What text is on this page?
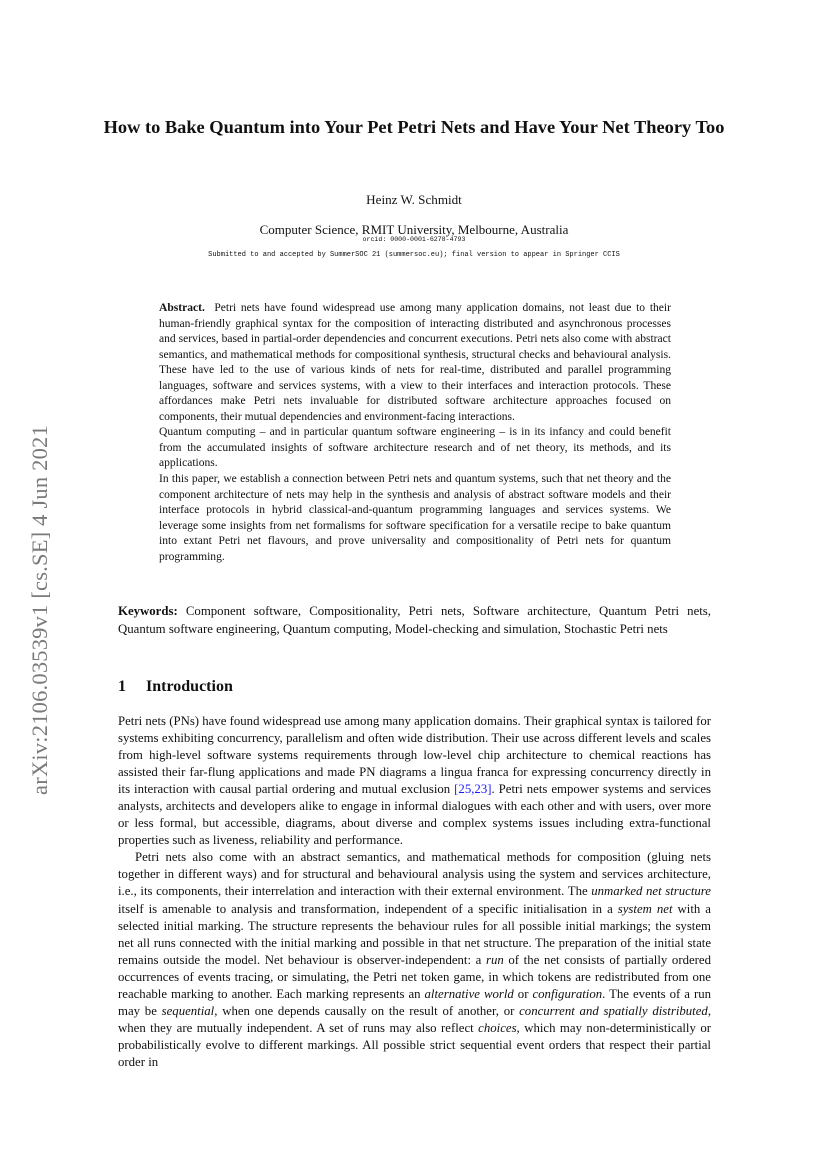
arXiv:2106.03539v1 [cs.SE] 4 Jun 2021
How to Bake Quantum into Your Pet Petri Nets and Have Your Net Theory Too
Heinz W. Schmidt
Computer Science, RMIT University, Melbourne, Australia
orcid: 0000-0001-6278-4793
Submitted to and accepted by SummerSOC 21 (summersoc.eu); final version to appear in Springer CCIS

Abstract. Petri nets have found widespread use among many application domains, not least due to their human-friendly graphical syntax for the composition of interacting distributed and asynchronous processes and services, based in partial-order dependencies and concurrent executions. Petri nets also come with abstract semantics, and mathematical methods for compositional synthesis, structural checks and behavioural analysis. These have led to the use of various kinds of nets for real-time, distributed and parallel programming languages, software and services systems, with a view to their interfaces and interaction protocols. These affordances make Petri nets invaluable for distributed software architecture approaches focused on components, their mutual dependencies and environment-facing interactions.

Quantum computing – and in particular quantum software engineering – is in its infancy and could benefit from the accumulated insights of software architecture research and of net theory, its methods, and its applications.

In this paper, we establish a connection between Petri nets and quantum systems, such that net theory and the component architecture of nets may help in the synthesis and analysis of abstract software models and their interface protocols in hybrid classical-and-quantum programming languages and services systems. We leverage some insights from net formalisms for software specification for a versatile recipe to bake quantum into extant Petri net flavours, and prove universality and compositionality of Petri nets for quantum programming.

Keywords: Component software, Compositionality, Petri nets, Software architecture, Quantum Petri nets, Quantum software engineering, Quantum computing, Model-checking and simulation, Stochastic Petri nets

1 Introduction

Petri nets (PNs) have found widespread use among many application domains. Their graphical syntax is tailored for systems exhibiting concurrency, parallelism and often wide distribution. Their use across different levels and scales from high-level software systems requirements through low-level chip architecture to chemical reactions has assisted their far-flung applications and made PN diagrams a lingua franca for expressing concurrency directly in its interaction with causal partial ordering and mutual exclusion [25,23]. Petri nets empower systems and services analysts, architects and developers alike to engage in informal dialogues with each other and with users, over more or less formal, but accessible, diagrams, about diverse and complex systems issues including extra-functional properties such as liveness, reliability and performance.

Petri nets also come with an abstract semantics, and mathematical methods for composition (gluing nets together in different ways) and for structural and behavioural analysis using the system and services architecture, i.e., its components, their interrelation and interaction with their external environment. The unmarked net structure itself is amenable to analysis and transformation, independent of a specific initialisation in a system net with a selected initial marking. The structure represents the behaviour rules for all possible initial markings; the system net all runs connected with the initial marking and possible in that net structure. The preparation of the initial state remains outside the model. Net behaviour is observer-independent: a run of the net consists of partially ordered occurrences of events tracing, or simulating, the Petri net token game, in which tokens are redistributed from one reachable marking to another. Each marking represents an alternative world or configuration. The events of a run may be sequential, when one depends causally on the result of another, or concurrent and spatially distributed, when they are mutually independent. A set of runs may also reflect choices, which may non-deterministically or probabilistically evolve to different markings. All possible strict sequential event orders that respect their partial order in
